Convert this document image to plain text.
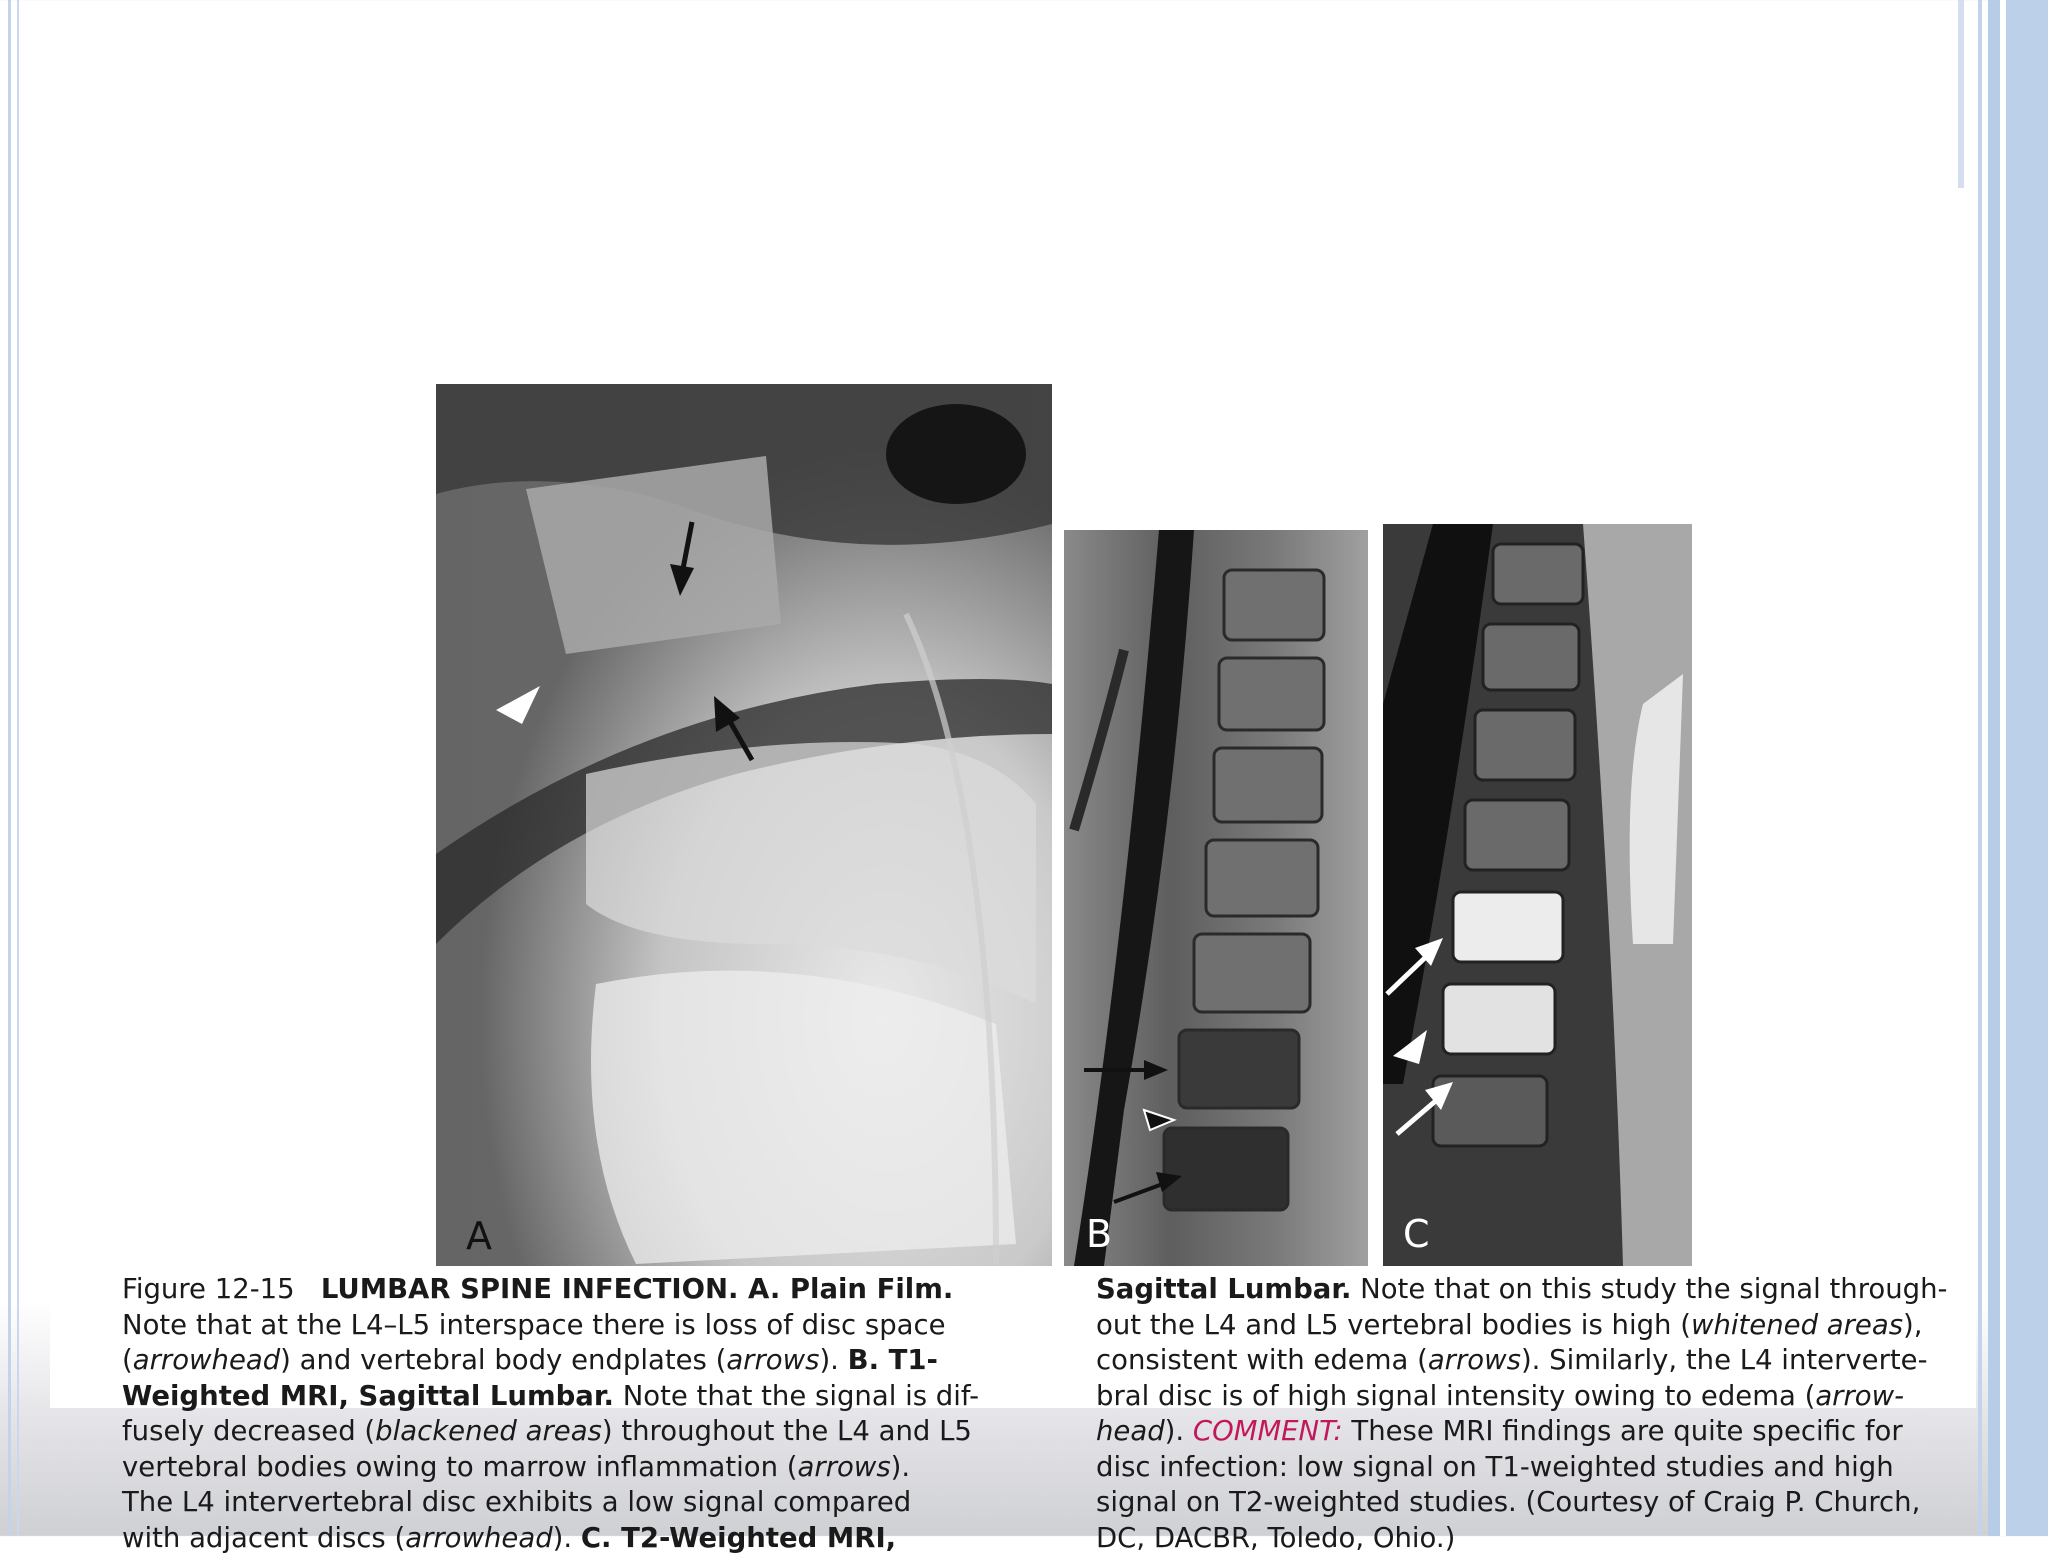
A	B	C
Figure 12-15   LUMBAR SPINE INFECTION. A. Plain Film.
Note that at the L4–L5 interspace there is loss of disc space
(arrowhead) and vertebral body endplates (arrows). B. T1-
Weighted MRI, Sagittal Lumbar. Note that the signal is dif-
fusely decreased (blackened areas) throughout the L4 and L5
vertebral bodies owing to marrow inflammation (arrows).
The L4 intervertebral disc exhibits a low signal compared
with adjacent discs (arrowhead). C. T2-Weighted MRI,
Sagittal Lumbar. Note that on this study the signal through-
out the L4 and L5 vertebral bodies is high (whitened areas),
consistent with edema (arrows). Similarly, the L4 interverte-
bral disc is of high signal intensity owing to edema (arrow-
head). COMMENT: These MRI findings are quite specific for
disc infection: low signal on T1-weighted studies and high
signal on T2-weighted studies. (Courtesy of Craig P. Church,
DC, DACBR, Toledo, Ohio.)
